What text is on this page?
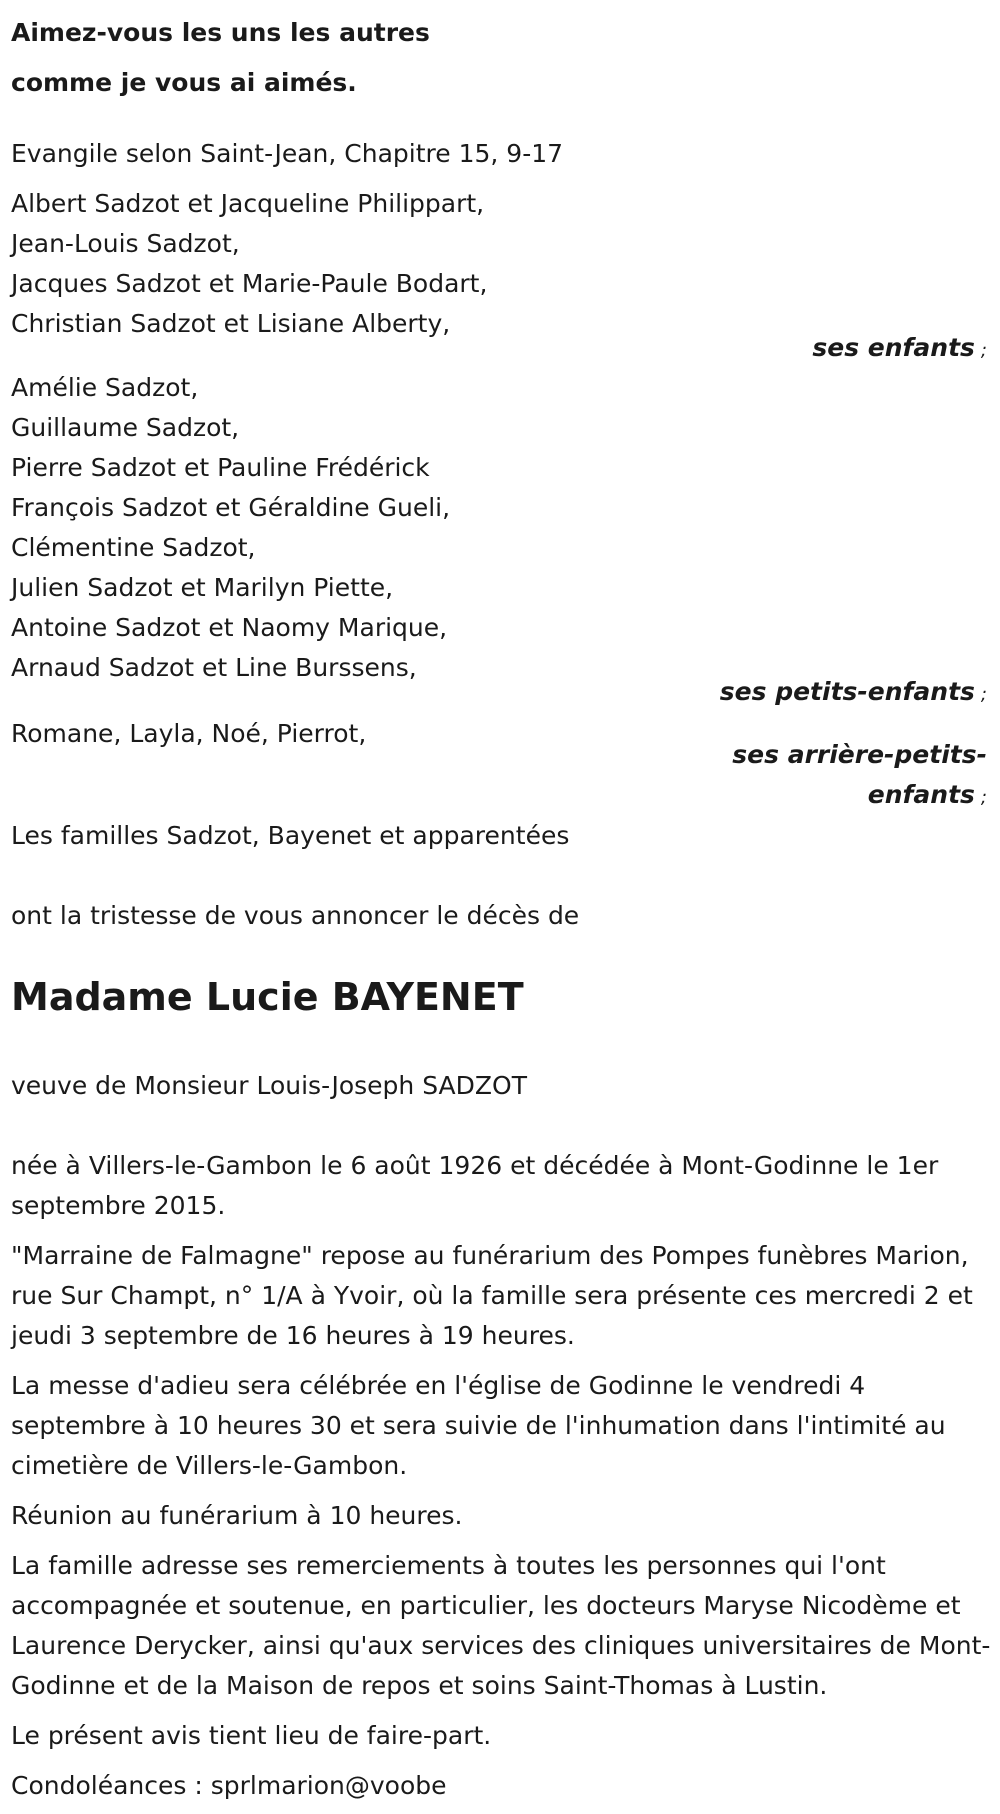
Aimez-vous les uns les autres
comme je vous ai aimés.
Evangile selon Saint-Jean, Chapitre 15, 9-17
Albert Sadzot et Jacqueline Philippart,
Jean-Louis Sadzot,
Jacques Sadzot et Marie-Paule Bodart,
Christian Sadzot et Lisiane Alberty,
ses enfants ;
Amélie Sadzot,
Guillaume Sadzot,
Pierre Sadzot et Pauline Frédérick
François Sadzot et Géraldine Gueli,
Clémentine Sadzot,
Julien Sadzot et Marilyn Piette,
Antoine Sadzot et Naomy Marique,
Arnaud Sadzot et Line Burssens,
ses petits-enfants ;
Romane, Layla, Noé, Pierrot,
ses arrière-petits-
enfants ;
Les familles Sadzot, Bayenet et apparentées
ont la tristesse de vous annoncer le décès de
Madame Lucie BAYENET
veuve de Monsieur Louis-Joseph SADZOT
née à Villers-le-Gambon le 6 août 1926 et décédée à Mont-Godinne le 1er septembre 2015.
"Marraine de Falmagne" repose au funérarium des Pompes funèbres Marion, rue Sur Champt, n° 1/A à Yvoir, où la famille sera présente ces mercredi 2 et jeudi 3 septembre de 16 heures à 19 heures.
La messe d'adieu sera célébrée en l'église de Godinne le vendredi 4 septembre à 10 heures 30 et sera suivie de l'inhumation dans l'intimité au cimetière de Villers-le-Gambon.
Réunion au funérarium à 10 heures.
La famille adresse ses remerciements à toutes les personnes qui l'ont accompagnée et soutenue, en particulier, les docteurs Maryse Nicodème et Laurence Derycker, ainsi qu'aux services des cliniques universitaires de Mont-Godinne et de la Maison de repos et soins Saint-Thomas à Lustin.
Le présent avis tient lieu de faire-part.
Condoléances : sprlmarion@voobe
